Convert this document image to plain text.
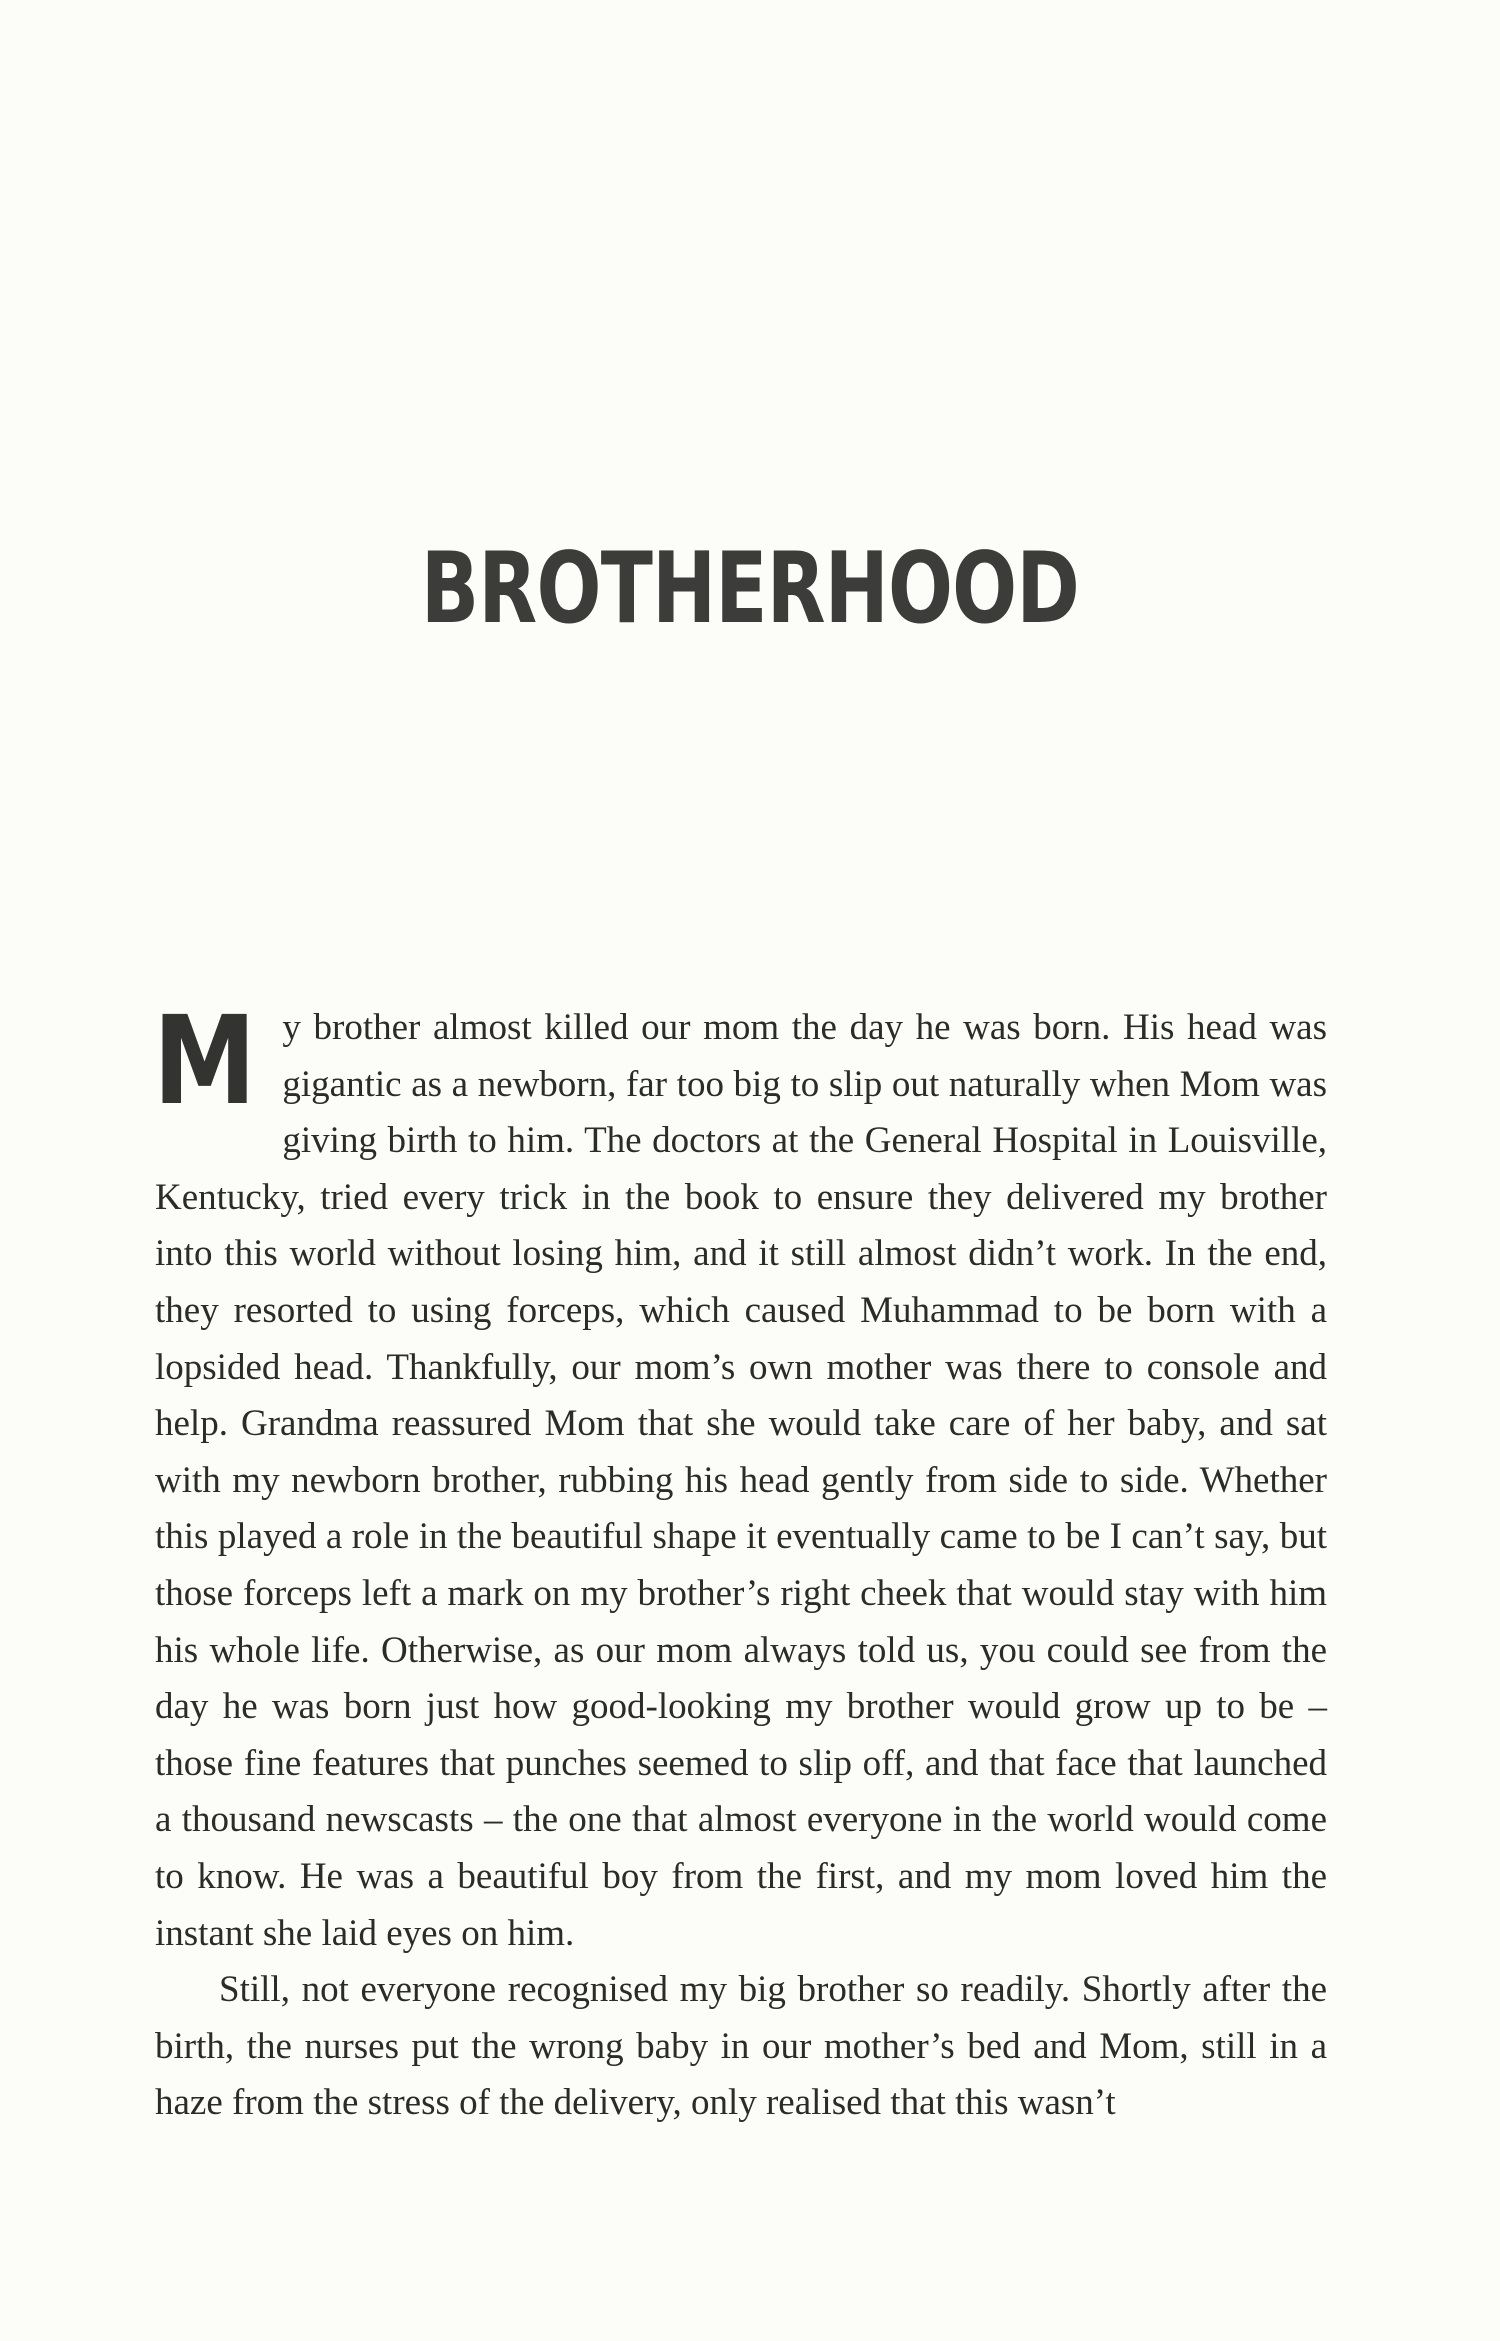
BROTHERHOOD

My brother almost killed our mom the day he was born. His head was gigantic as a newborn, far too big to slip out naturally when Mom was giving birth to him. The doctors at the General Hospital in Louisville, Kentucky, tried every trick in the book to ensure they delivered my brother into this world without losing him, and it still almost didn’t work. In the end, they resorted to using forceps, which caused Muhammad to be born with a lopsided head. Thankfully, our mom’s own mother was there to console and help. Grandma reassured Mom that she would take care of her baby, and sat with my newborn brother, rubbing his head gently from side to side. Whether this played a role in the beautiful shape it eventually came to be I can’t say, but those forceps left a mark on my brother’s right cheek that would stay with him his whole life. Otherwise, as our mom always told us, you could see from the day he was born just how good-looking my brother would grow up to be – those fine features that punches seemed to slip off, and that face that launched a thousand newscasts – the one that almost everyone in the world would come to know. He was a beautiful boy from the first, and my mom loved him the instant she laid eyes on him.

Still, not everyone recognised my big brother so readily. Shortly after the birth, the nurses put the wrong baby in our mother’s bed and Mom, still in a haze from the stress of the delivery, only realised that this wasn’t
